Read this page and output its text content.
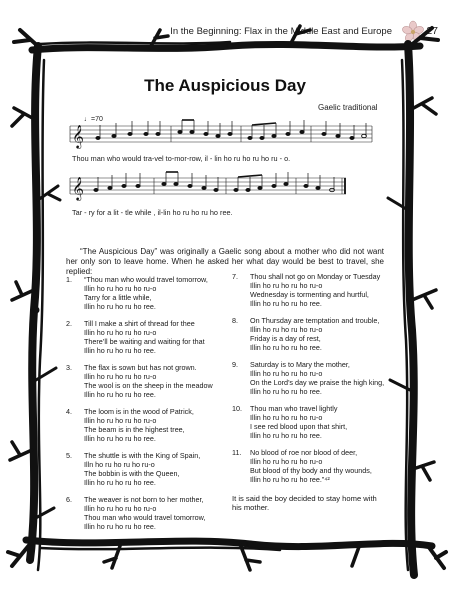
In the Beginning: Flax in the Middle East and Europe	27
The Auspicious Day
Gaelic traditional
♩=70
𝄞
Thou man who would tra-vel to-mor-row, il - lin ho ru ho ru ho ru - o.
𝄞
Tar - ry for a lit - tle while , il-lin ho ru ho ru ho ree.

“The Auspicious Day” was originally a Gaelic song about a mother who did not want her only son to leave home. When he asked her what day would be best to travel, she replied:

1. “Thou man who would travel tomorrow,
Illin ho ru ho ru ho ru-o
Tarry for a little while,
Illin ho ru ho ru ho ree.
2. Till I make a shirt of thread for thee
Illin ho ru ho ru ho ru-o
There’ll be waiting and waiting for that
Illin ho ru ho ru ho ree.
3. The flax is sown but has not grown.
Illin ho ru ho ru ho ru-o
The wool is on the sheep in the meadow
Illin ho ru ho ru ho ree.
4. The loom is in the wood of Patrick,
Illin ho ru ho ru ho ru-o
The beam is in the highest tree,
Illin ho ru ho ru ho ree.
5. The shuttle is with the King of Spain,
Illn ho ru ho ru ho ru-o
The bobbin is with the Queen,
Illin ho ru ho ru ho ree.
6. The weaver is not born to her mother,
Illin ho ru ho ru ho ru-o
Thou man who would travel tomorrow,
Illin ho ru ho ru ho ree.
7. Thou shall not go on Monday or Tuesday
Illin ho ru ho ru ho ru-o
Wednesday is tormenting and hurtful,
Illin ho ru ho ru ho ree.
8. On Thursday are temptation and trouble,
Illin ho ru ho ru ho ru-o
Friday is a day of rest,
Illin ho ru ho ru ho ree.
9. Saturday is to Mary the mother,
Illin ho ru ho ru ho ru-o
On the Lord’s day we praise the high king,
Illin ho ru ho ru ho ree.
10. Thou man who travel lightly
Illin ho ru ho ru ho ru-o
I see red blood upon that shirt,
Illin ho ru ho ru ho ree.
11. No blood of roe nor blood of deer,
Illin ho ru ho ru ho ru-o
But blood of thy body and thy wounds,
Illin ho ru ho ru ho ree.”⁴²
It is said the boy decided to stay home with his mother.
